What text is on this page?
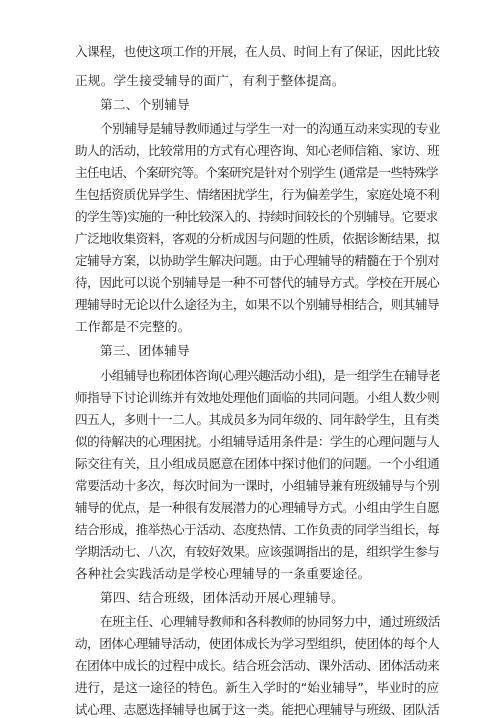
入课程，也使这项工作的开展，在人员、时间上有了保证，因此比较
正规。学生接受辅导的面广，有利于整体提高。
第二、个别辅导
个别辅导是辅导教师通过与学生一对一的沟通互动来实现的专业
助人的活动，比较常用的方式有心理咨询、知心老师信箱、家访、班
主任电话、个案研究等。个案研究是针对个别学生 (通常是一些特殊学
生包括资质优异学生、情绪困扰学生，行为偏差学生，家庭处境不利
的学生等)实施的一种比较深入的、持续时间较长的个别辅导。它要求
广泛地收集资料，客观的分析成因与问题的性质，依据诊断结果，拟
定辅导方案，以协助学生解决问题。由于心理辅导的精髓在于个别对
待，因此可以说个别辅导是一种不可替代的辅导方式。学校在开展心
理辅导时无论以什么途径为主，如果不以个别辅导相结合，则其辅导
工作都是不完整的。
第三、团体辅导
小组辅导也称团体咨询(心理兴趣活动小组)，是一组学生在辅导老
师指导下讨论训练并有效地处理他们面临的共同问题。小组人数少则
四五人，多则十一二人。其成员多为同年级的、同年龄学生，且有类
似的待解决的心理困扰。小组辅导适用条件是：学生的心理问题与人
际交往有关，且小组成员愿意在团体中探讨他们的问题。一个小组通
常要活动十多次，每次时间为一课时，小组辅导兼有班级辅导与个别
辅导的优点，是一种很有发展潜力的心理辅导方式。小组由学生自愿
结合形成，推举热心于活动、态度热情、工作负责的同学当组长，每
学期活动七、八次，有较好效果。应该强调指出的是，组织学生参与
各种社会实践活动是学校心理辅导的一条重要途径。
第四、结合班级，团体活动开展心理辅导。
在班主任、心理辅导教师和各科教师的协同努力中，通过班级活
动，团体心理辅导活动，使团体成长为学习型组织，使团体的每个人
在团体中成长的过程中成长。结合班会活动、课外活动、团体活动来
进行，是这一途径的特色。新生入学时的“始业辅导”，毕业时的应
试心理、志愿选择辅导也属于这一类。能把心理辅导与班级、团队活
